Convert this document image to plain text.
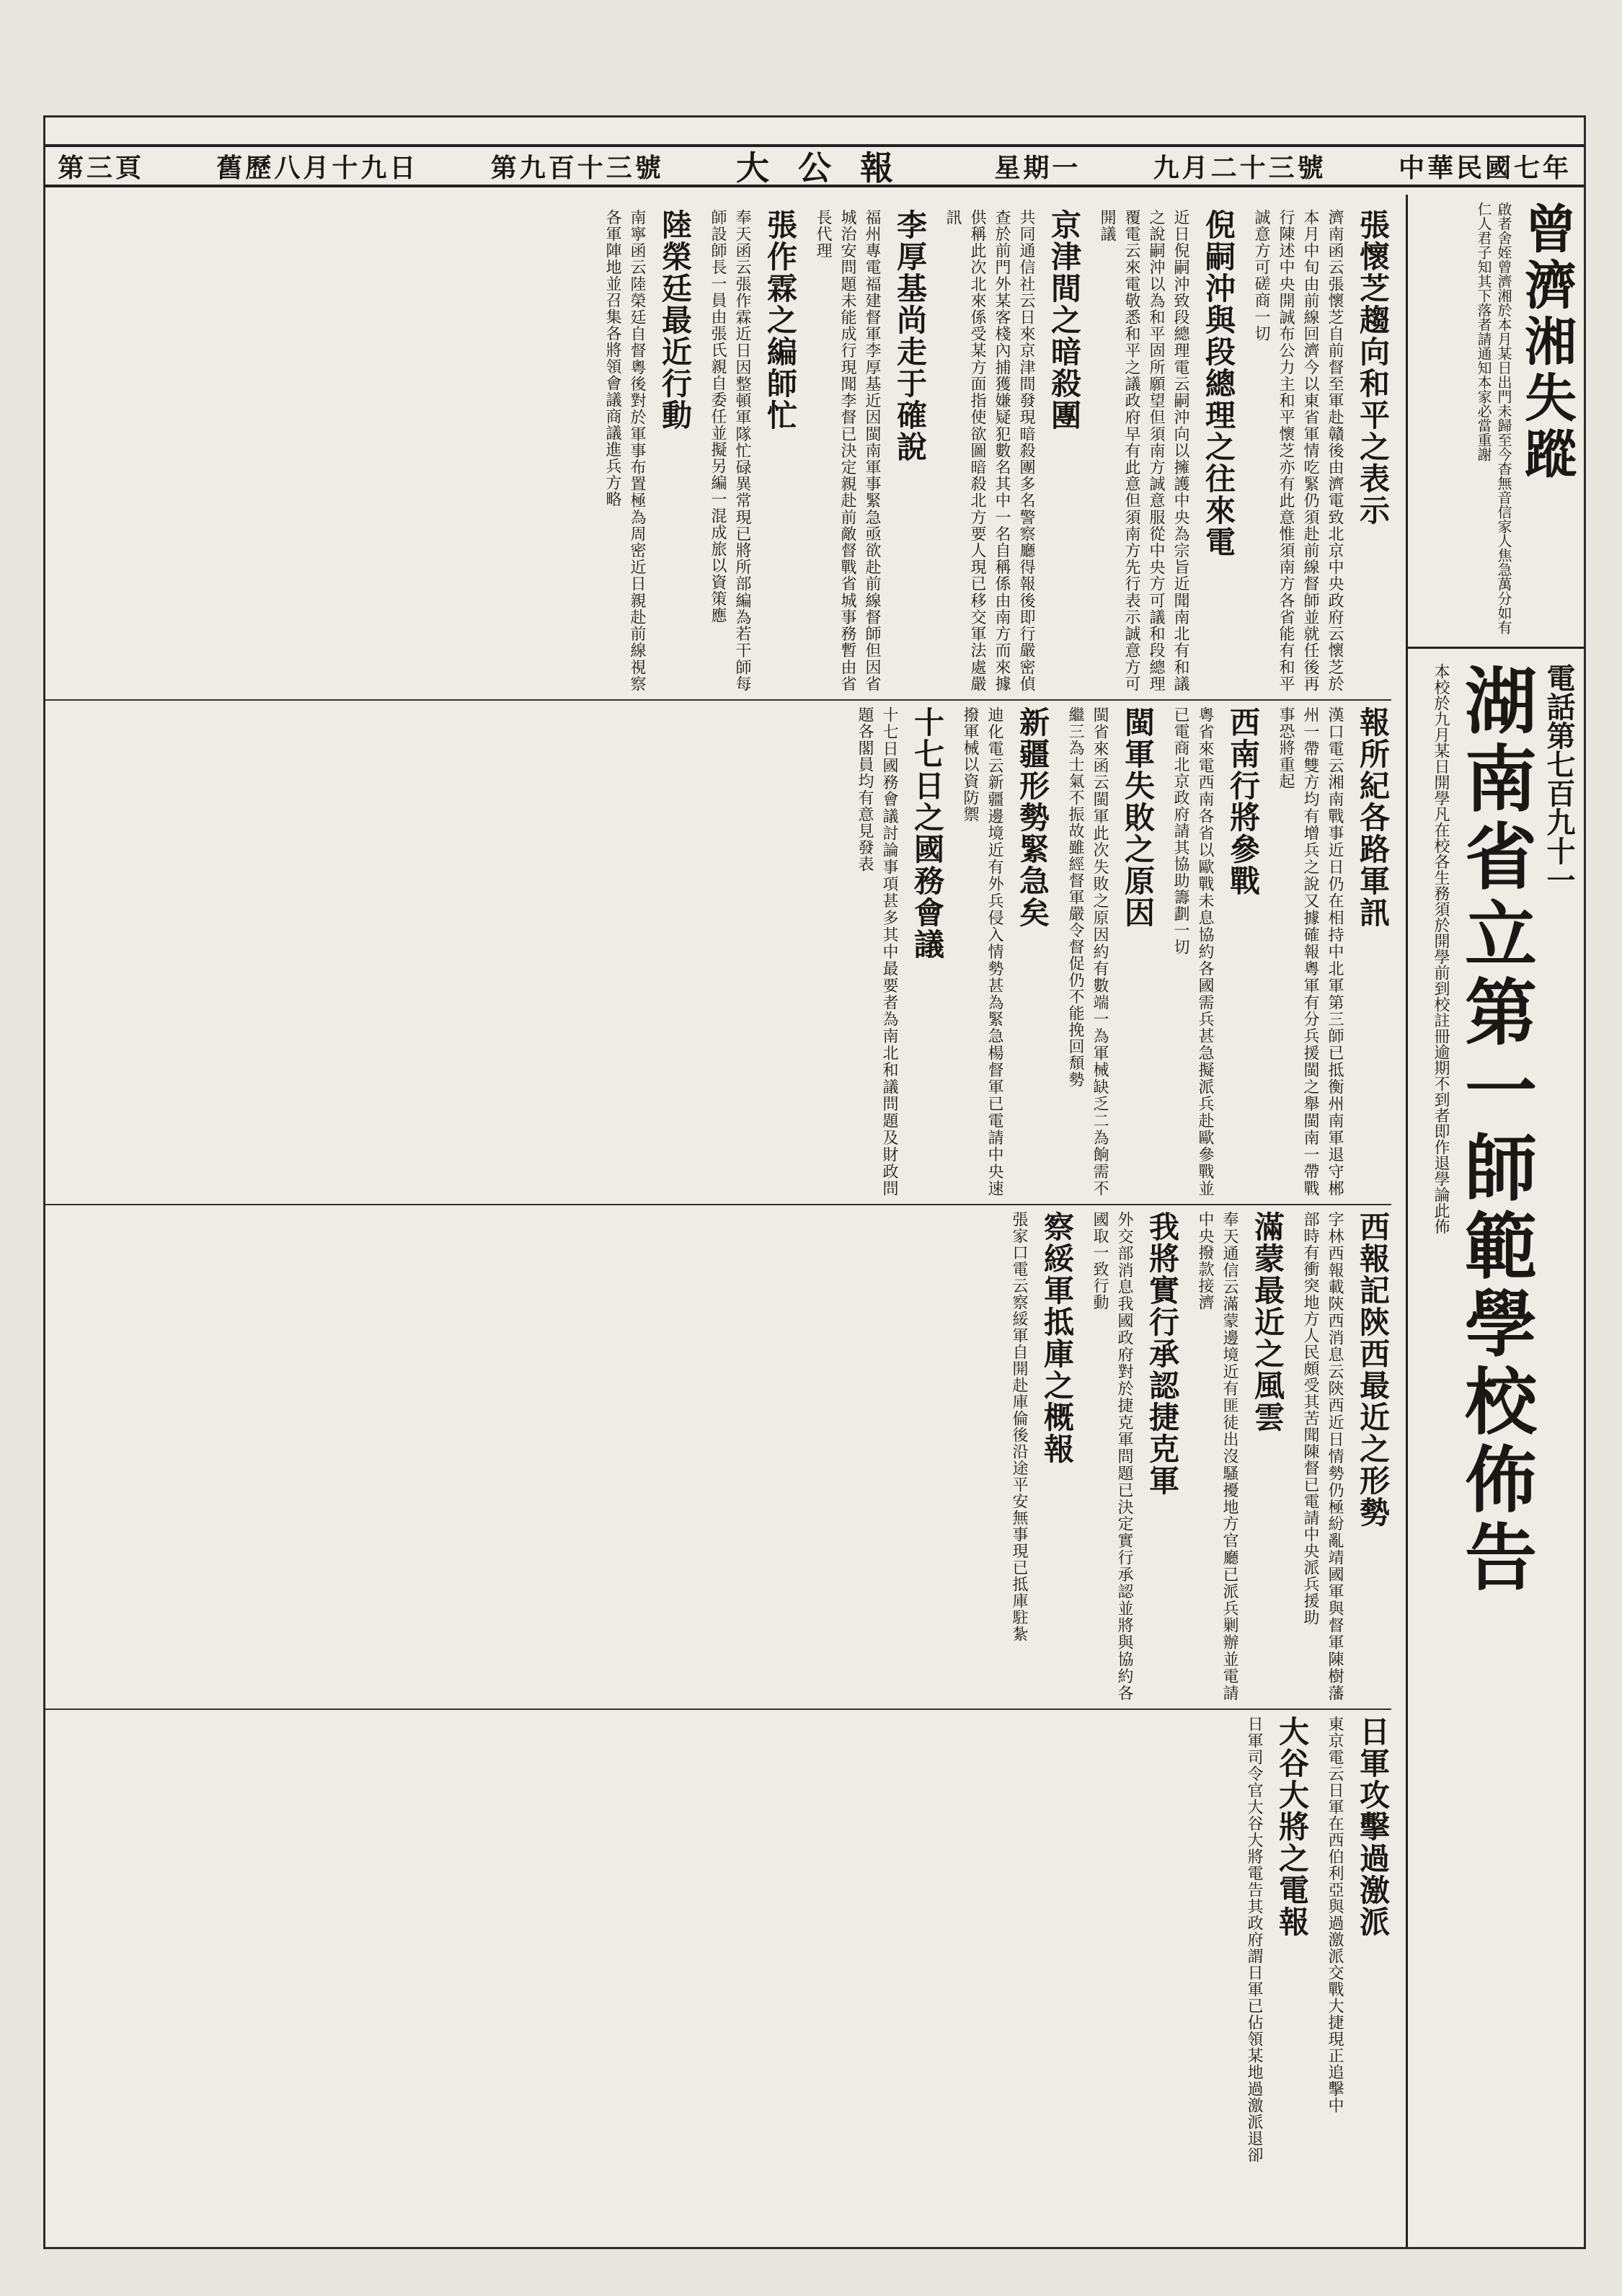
中華民國七年
九月二十三號
星期一
大公報
第九百十三號
舊歷八月十九日
第三頁
張懷芝趨向和平之表示
濟南函云張懷芝自前督至軍赴贛後由濟電致北京中央政府云懷芝於本月中旬由前線回濟今以東省軍情吃緊仍須赴前線督師並就任後再行陳述中央開誠布公力主和平懷芝亦有此意惟須南方各省能有和平誠意方可磋商一切
倪嗣沖與段總理之往來電
近日倪嗣沖致段總理電云嗣沖向以擁護中央為宗旨近聞南北有和議之說嗣沖以為和平固所願望但須南方誠意服從中央方可議和段總理覆電云來電敬悉和平之議政府早有此意但須南方先行表示誠意方可開議
京津間之暗殺團
共同通信社云日來京津間發現暗殺團多名警察廳得報後即行嚴密偵查於前門外某客棧內捕獲嫌疑犯數名其中一名自稱係由南方而來據供稱此次北來係受某方面指使欲圖暗殺北方要人現已移交軍法處嚴訊
李厚基尚走于確說
福州專電福建督軍李厚基近因閩南軍事緊急亟欲赴前線督師但因省城治安問題未能成行現聞李督已決定親赴前敵督戰省城事務暫由省長代理
張作霖之編師忙
奉天函云張作霖近日因整頓軍隊忙碌異常現已將所部編為若干師每師設師長一員由張氏親自委任並擬另編一混成旅以資策應
陸榮廷最近行動
南寧函云陸榮廷自督粵後對於軍事布置極為周密近日親赴前線視察各軍陣地並召集各將領會議商議進兵方略
報所紀各路軍訊
漢口電云湘南戰事近日仍在相持中北軍第三師已抵衡州南軍退守郴州一帶雙方均有增兵之說又據確報粵軍有分兵援閩之舉閩南一帶戰事恐將重起
西南行將參戰
粵省來電西南各省以歐戰未息協約各國需兵甚急擬派兵赴歐參戰並已電商北京政府請其協助籌劃一切
閩軍失敗之原因
閩省來函云閩軍此次失敗之原因約有數端一為軍械缺乏二為餉需不繼三為士氣不振故雖經督軍嚴令督促仍不能挽回頹勢
新疆形勢緊急矣
迪化電云新疆邊境近有外兵侵入情勢甚為緊急楊督軍已電請中央速撥軍械以資防禦
十七日之國務會議
十七日國務會議討論事項甚多其中最要者為南北和議問題及財政問題各閣員均有意見發表
西報記陝西最近之形勢
字林西報載陝西消息云陝西近日情勢仍極紛亂靖國軍與督軍陳樹藩部時有衝突地方人民頗受其苦聞陳督已電請中央派兵援助
滿蒙最近之風雲
奉天通信云滿蒙邊境近有匪徒出沒騷擾地方官廳已派兵剿辦並電請中央撥款接濟
我將實行承認捷克軍
外交部消息我國政府對於捷克軍問題已決定實行承認並將與協約各國取一致行動
察綏軍抵庫之概報
張家口電云察綏軍自開赴庫倫後沿途平安無事現已抵庫駐紮
日軍攻擊過激派
東京電云日軍在西伯利亞與過激派交戰大捷現正追擊中
大谷大將之電報
日軍司令官大谷大將電告其政府謂日軍已佔領某地過激派退卻
曾濟湘失蹤
啟者舍姪曾濟湘於本月某日出門未歸至今杳無音信家人焦急萬分如有仁人君子知其下落者請通知本家必當重謝
電話第七百九十一
湖南省立第一師範學校佈告
本校於九月某日開學凡在校各生務須於開學前到校註冊逾期不到者即作退學論此佈
